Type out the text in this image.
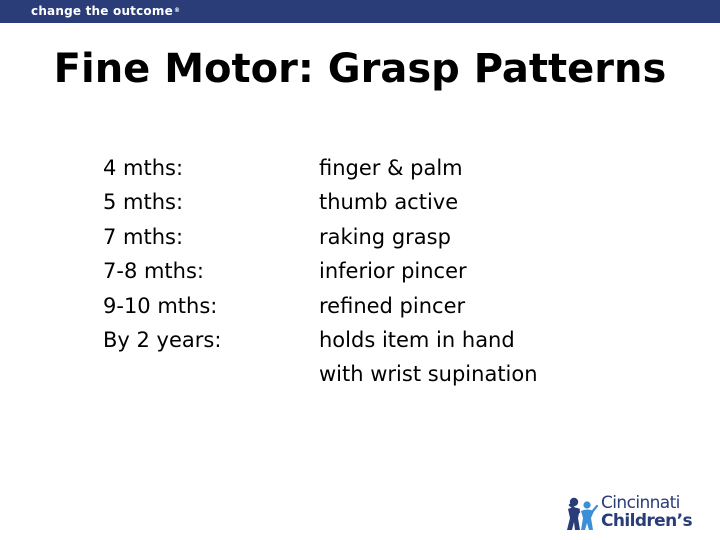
change the outcome®
Fine Motor: Grasp Patterns
4 mths:
5 mths:
7 mths:
7-8 mths:
9-10 mths:
By 2 years:
finger & palm
thumb active
raking grasp
inferior pincer
refined pincer
holds item in hand
with wrist supination
Cincinnati
Children’s
